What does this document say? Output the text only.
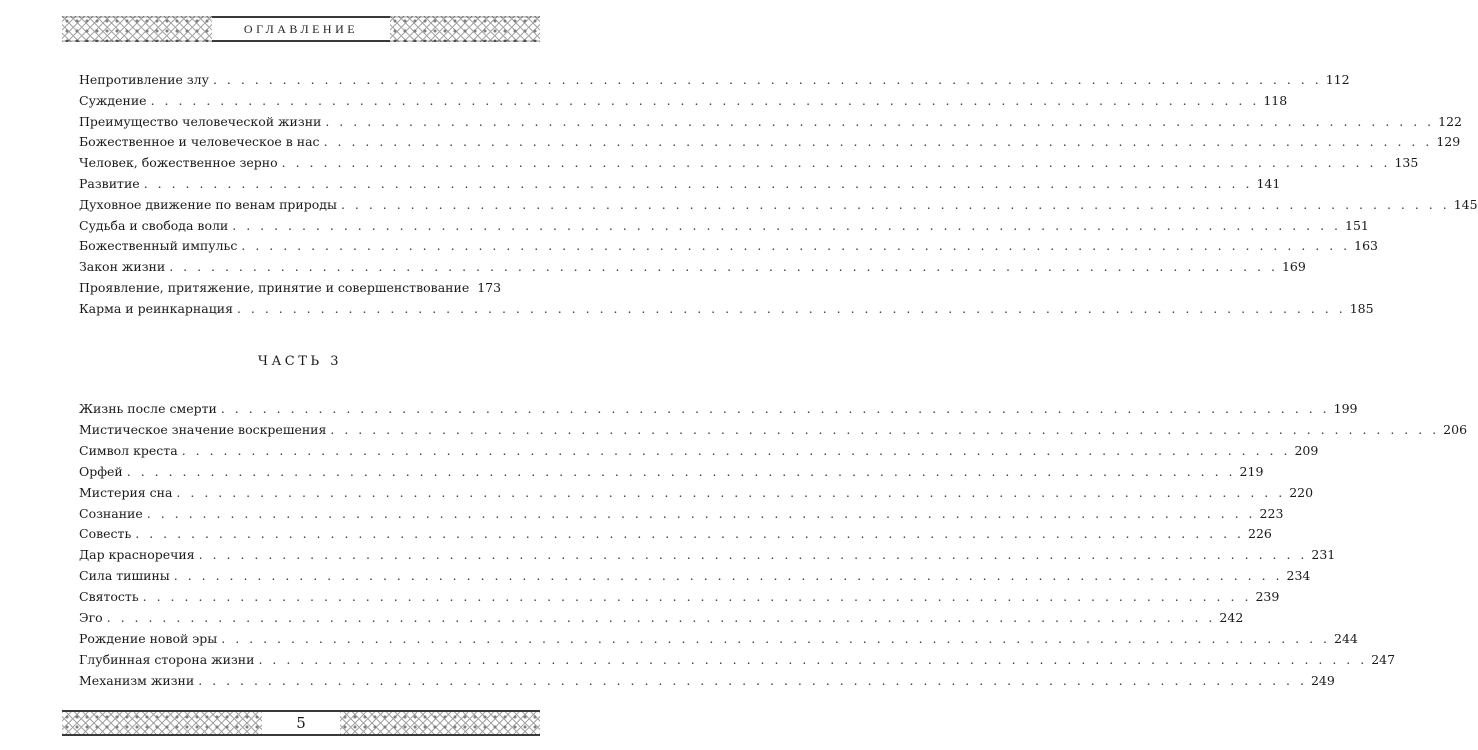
ОГЛАВЛЕНИЕ
Непротивление злу . . . . . . . . . . . . . . . . . . . . . . . . . . . . . . . . . . . . . . . . . . . . . . . . . . . . . . . . . . . . . . . . . . . . . . . . . . . . . . . . 112
Суждение . . . . . . . . . . . . . . . . . . . . . . . . . . . . . . . . . . . . . . . . . . . . . . . . . . . . . . . . . . . . . . . . . . . . . . . . . . . . . . . . 118
Преимущество человеческой жизни . . . . . . . . . . . . . . . . . . . . . . . . . . . . . . . . . . . . . . . . . . . . . . . . . . . . . . . . . . . . . . . . . . . . . . . . . . . . . . . . 122
Божественное и человеческое в нас . . . . . . . . . . . . . . . . . . . . . . . . . . . . . . . . . . . . . . . . . . . . . . . . . . . . . . . . . . . . . . . . . . . . . . . . . . . . . . . . 129
Человек, божественное зерно . . . . . . . . . . . . . . . . . . . . . . . . . . . . . . . . . . . . . . . . . . . . . . . . . . . . . . . . . . . . . . . . . . . . . . . . . . . . . . . . 135
Развитие . . . . . . . . . . . . . . . . . . . . . . . . . . . . . . . . . . . . . . . . . . . . . . . . . . . . . . . . . . . . . . . . . . . . . . . . . . . . . . . . 141
Духовное движение по венам природы . . . . . . . . . . . . . . . . . . . . . . . . . . . . . . . . . . . . . . . . . . . . . . . . . . . . . . . . . . . . . . . . . . . . . . . . . . . . . . . . 145
Судьба и свобода воли . . . . . . . . . . . . . . . . . . . . . . . . . . . . . . . . . . . . . . . . . . . . . . . . . . . . . . . . . . . . . . . . . . . . . . . . . . . . . . . . 151
Божественный импульс . . . . . . . . . . . . . . . . . . . . . . . . . . . . . . . . . . . . . . . . . . . . . . . . . . . . . . . . . . . . . . . . . . . . . . . . . . . . . . . . 163
Закон жизни . . . . . . . . . . . . . . . . . . . . . . . . . . . . . . . . . . . . . . . . . . . . . . . . . . . . . . . . . . . . . . . . . . . . . . . . . . . . . . . . 169
Проявление, притяжение, принятие и совершенствование 173
Карма и реинкарнация . . . . . . . . . . . . . . . . . . . . . . . . . . . . . . . . . . . . . . . . . . . . . . . . . . . . . . . . . . . . . . . . . . . . . . . . . . . . . . . . 185
ЧАСТЬ 3
Жизнь после смерти . . . . . . . . . . . . . . . . . . . . . . . . . . . . . . . . . . . . . . . . . . . . . . . . . . . . . . . . . . . . . . . . . . . . . . . . . . . . . . . . 199
Мистическое значение воскрешения . . . . . . . . . . . . . . . . . . . . . . . . . . . . . . . . . . . . . . . . . . . . . . . . . . . . . . . . . . . . . . . . . . . . . . . . . . . . . . . . 206
Символ креста . . . . . . . . . . . . . . . . . . . . . . . . . . . . . . . . . . . . . . . . . . . . . . . . . . . . . . . . . . . . . . . . . . . . . . . . . . . . . . . . 209
Орфей . . . . . . . . . . . . . . . . . . . . . . . . . . . . . . . . . . . . . . . . . . . . . . . . . . . . . . . . . . . . . . . . . . . . . . . . . . . . . . . . 219
Мистерия сна . . . . . . . . . . . . . . . . . . . . . . . . . . . . . . . . . . . . . . . . . . . . . . . . . . . . . . . . . . . . . . . . . . . . . . . . . . . . . . . . 220
Сознание . . . . . . . . . . . . . . . . . . . . . . . . . . . . . . . . . . . . . . . . . . . . . . . . . . . . . . . . . . . . . . . . . . . . . . . . . . . . . . . . 223
Совесть . . . . . . . . . . . . . . . . . . . . . . . . . . . . . . . . . . . . . . . . . . . . . . . . . . . . . . . . . . . . . . . . . . . . . . . . . . . . . . . . 226
Дар красноречия . . . . . . . . . . . . . . . . . . . . . . . . . . . . . . . . . . . . . . . . . . . . . . . . . . . . . . . . . . . . . . . . . . . . . . . . . . . . . . . . 231
Сила тишины . . . . . . . . . . . . . . . . . . . . . . . . . . . . . . . . . . . . . . . . . . . . . . . . . . . . . . . . . . . . . . . . . . . . . . . . . . . . . . . . 234
Святость . . . . . . . . . . . . . . . . . . . . . . . . . . . . . . . . . . . . . . . . . . . . . . . . . . . . . . . . . . . . . . . . . . . . . . . . . . . . . . . . 239
Эго . . . . . . . . . . . . . . . . . . . . . . . . . . . . . . . . . . . . . . . . . . . . . . . . . . . . . . . . . . . . . . . . . . . . . . . . . . . . . . . . 242
Рождение новой эры . . . . . . . . . . . . . . . . . . . . . . . . . . . . . . . . . . . . . . . . . . . . . . . . . . . . . . . . . . . . . . . . . . . . . . . . . . . . . . . . 244
Глубинная сторона жизни . . . . . . . . . . . . . . . . . . . . . . . . . . . . . . . . . . . . . . . . . . . . . . . . . . . . . . . . . . . . . . . . . . . . . . . . . . . . . . . . 247
Механизм жизни . . . . . . . . . . . . . . . . . . . . . . . . . . . . . . . . . . . . . . . . . . . . . . . . . . . . . . . . . . . . . . . . . . . . . . . . . . . . . . . . 249
5
